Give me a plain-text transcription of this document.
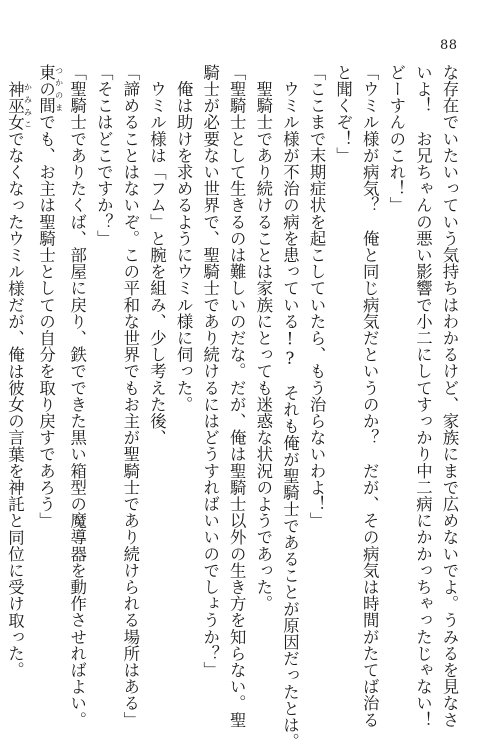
88
な存在でいたいっていう気持ちはわかるけど、家族にまで広めないでよ。うみるを見なさ
いよ！　お兄ちゃんの悪い影響で小二にしてすっかり中二病にかかっちゃったじゃない！
どーすんのこれ！」
「ウミル様が病気？　俺と同じ病気だというのか？　だが、その病気は時間がたてば治る
と聞くぞ！」
「ここまで末期症状を起こしていたら、もう治らないわよ！」
　ウミル様が不治の病を患っている!?　それも俺が聖騎士であることが原因だったとは。
　聖騎士であり続けることは家族にとっても迷惑な状況のようであった。
「聖騎士として生きるのは難しいのだな。だが、俺は聖騎士以外の生き方を知らない。聖
騎士が必要ない世界で、聖騎士であり続けるにはどうすればいいのでしょうか？」
　俺は助けを求めるようにウミル様に伺った。
　ウミル様は「フム」と腕を組み、少し考えた後、
「諦めることはないぞ。この平和な世界でもお主が聖騎士であり続けられる場所はある」
「そこはどこですか？」
「聖騎士でありたくば、部屋に戻り、鉄でできた黒い箱型の魔導器を動作させればよい。
東の間 つかのまでも、お主は聖騎士としての自分を取り戻すであろう」
　神巫女 かみみこでなくなったウミル様だが、俺は彼女の言葉を神託と同位に受け取った。
